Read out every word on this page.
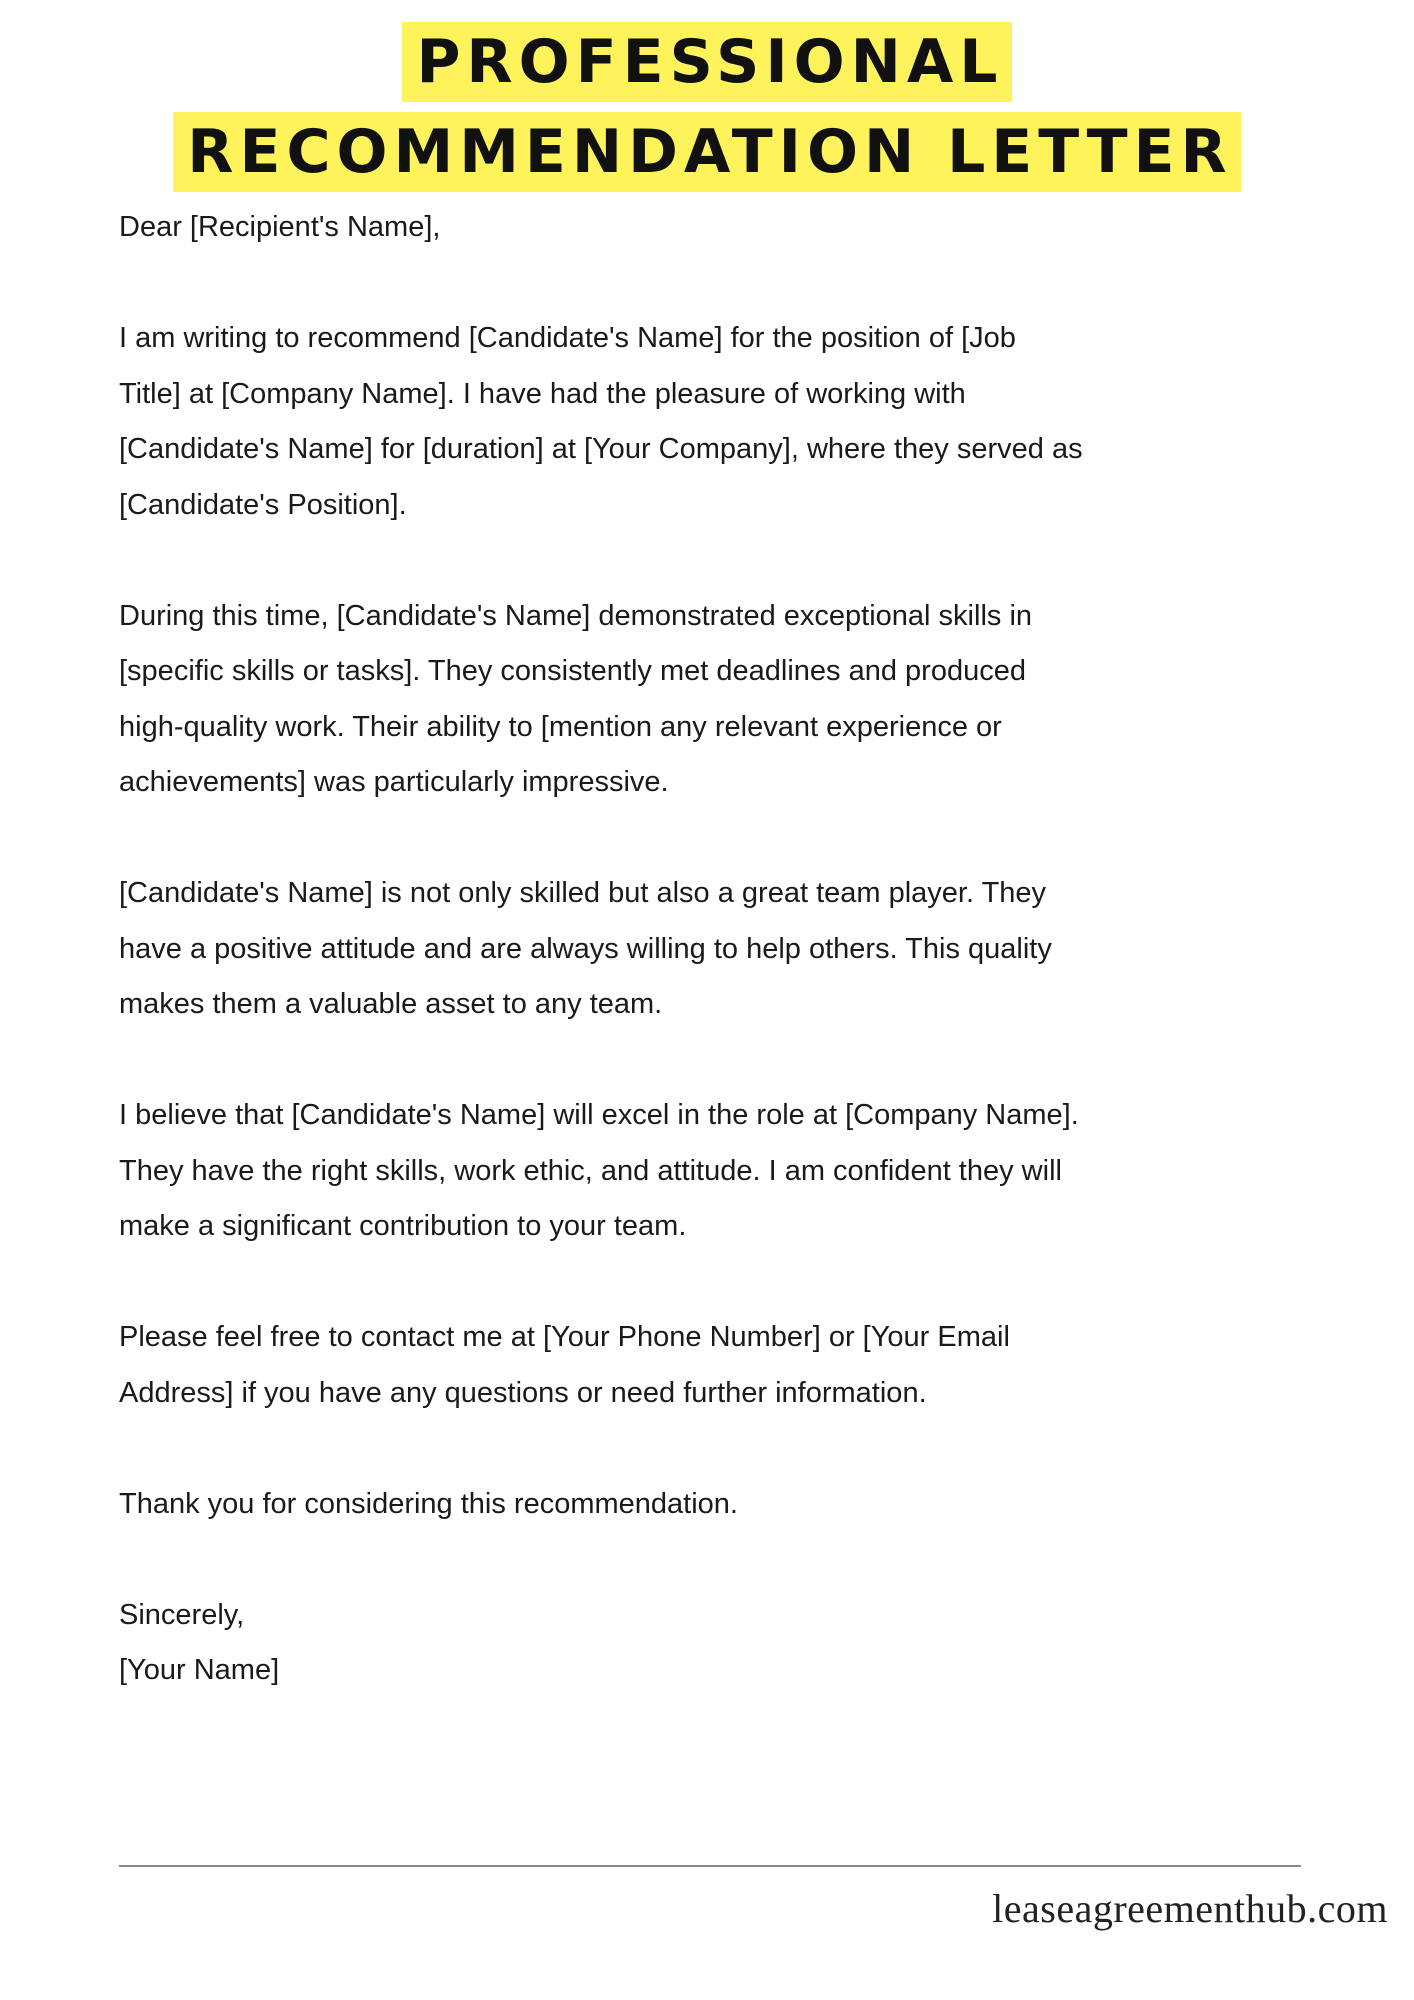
PROFESSIONAL
RECOMMENDATION LETTER

Dear [Recipient's Name],

I am writing to recommend [Candidate's Name] for the position of [Job
Title] at [Company Name]. I have had the pleasure of working with
[Candidate's Name] for [duration] at [Your Company], where they served as
[Candidate's Position].

During this time, [Candidate's Name] demonstrated exceptional skills in
[specific skills or tasks]. They consistently met deadlines and produced
high-quality work. Their ability to [mention any relevant experience or
achievements] was particularly impressive.

[Candidate's Name] is not only skilled but also a great team player. They
have a positive attitude and are always willing to help others. This quality
makes them a valuable asset to any team.

I believe that [Candidate's Name] will excel in the role at [Company Name].
They have the right skills, work ethic, and attitude. I am confident they will
make a significant contribution to your team.

Please feel free to contact me at [Your Phone Number] or [Your Email
Address] if you have any questions or need further information.

Thank you for considering this recommendation.

Sincerely,

[Your Name]

leaseagreementhub.com
